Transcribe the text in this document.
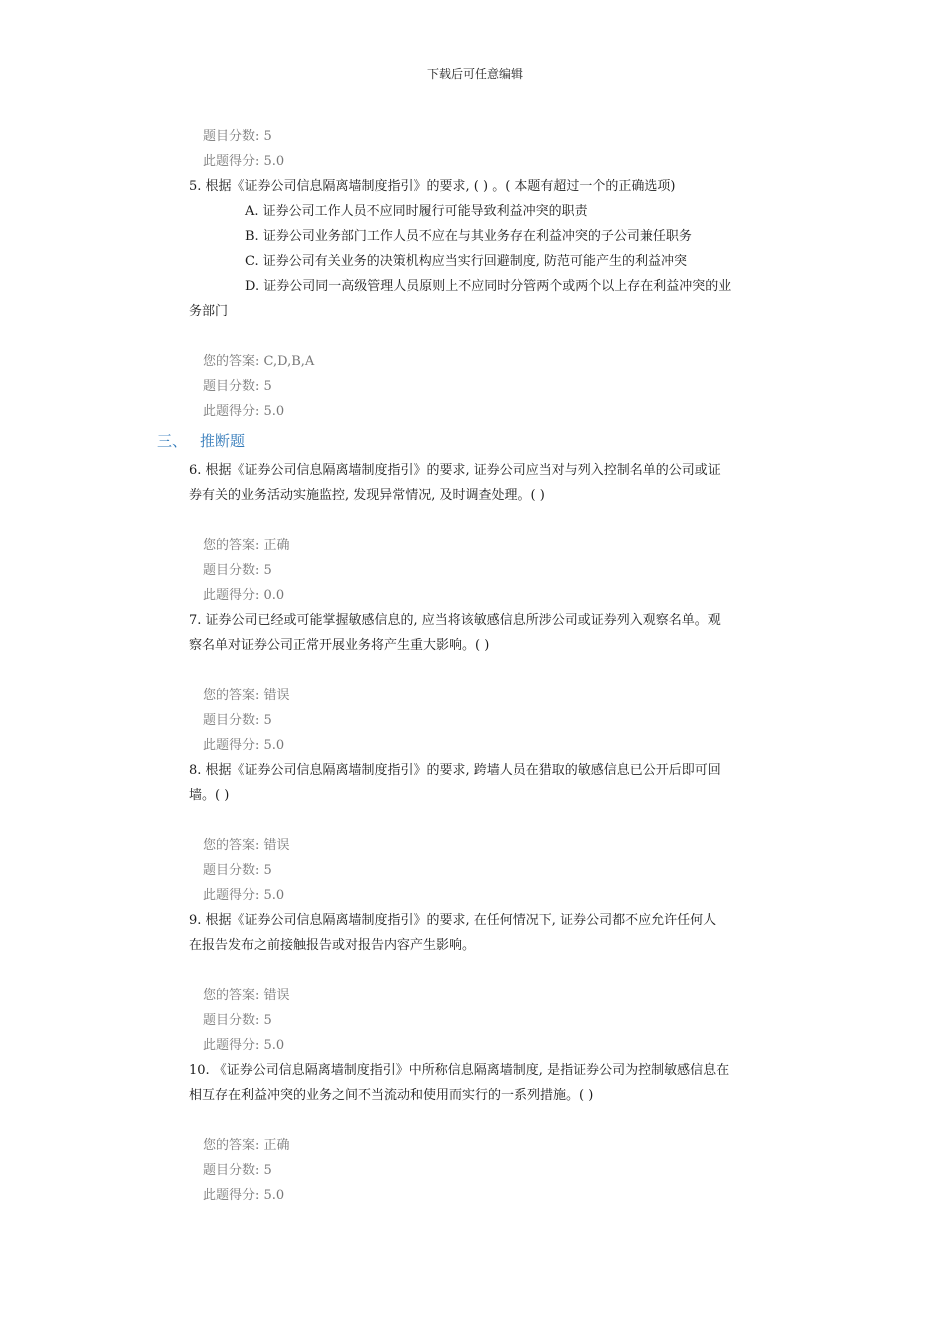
下载后可任意编辑
题目分数: 5
此题得分: 5.0
5. 根据《证券公司信息隔离墙制度指引》的要求, ( ) 。( 本题有超过一个的正确选项)
A. 证券公司工作人员不应同时履行可能导致利益冲突的职责
B. 证券公司业务部门工作人员不应在与其业务存在利益冲突的子公司兼任职务
C. 证券公司有关业务的决策机构应当实行回避制度, 防范可能产生的利益冲突
D. 证券公司同一高级管理人员原则上不应同时分管两个或两个以上存在利益冲突的业
务部门
您的答案: C,D,B,A
题目分数: 5
此题得分: 5.0
三、 推断题
6. 根据《证券公司信息隔离墙制度指引》的要求, 证券公司应当对与列入控制名单的公司或证
券有关的业务活动实施监控, 发现异常情况, 及时调查处理。( )
您的答案: 正确
题目分数: 5
此题得分: 0.0
7. 证券公司已经或可能掌握敏感信息的, 应当将该敏感信息所涉公司或证券列入观察名单。观
察名单对证券公司正常开展业务将产生重大影响。( )
您的答案: 错误
题目分数: 5
此题得分: 5.0
8. 根据《证券公司信息隔离墙制度指引》的要求, 跨墙人员在猎取的敏感信息已公开后即可回
墙。( )
您的答案: 错误
题目分数: 5
此题得分: 5.0
9. 根据《证券公司信息隔离墙制度指引》的要求, 在任何情况下, 证券公司都不应允许任何人
在报告发布之前接触报告或对报告内容产生影响。
您的答案: 错误
题目分数: 5
此题得分: 5.0
10. 《证券公司信息隔离墙制度指引》中所称信息隔离墙制度, 是指证券公司为控制敏感信息在
相互存在利益冲突的业务之间不当流动和使用而实行的一系列措施。( )
您的答案: 正确
题目分数: 5
此题得分: 5.0
